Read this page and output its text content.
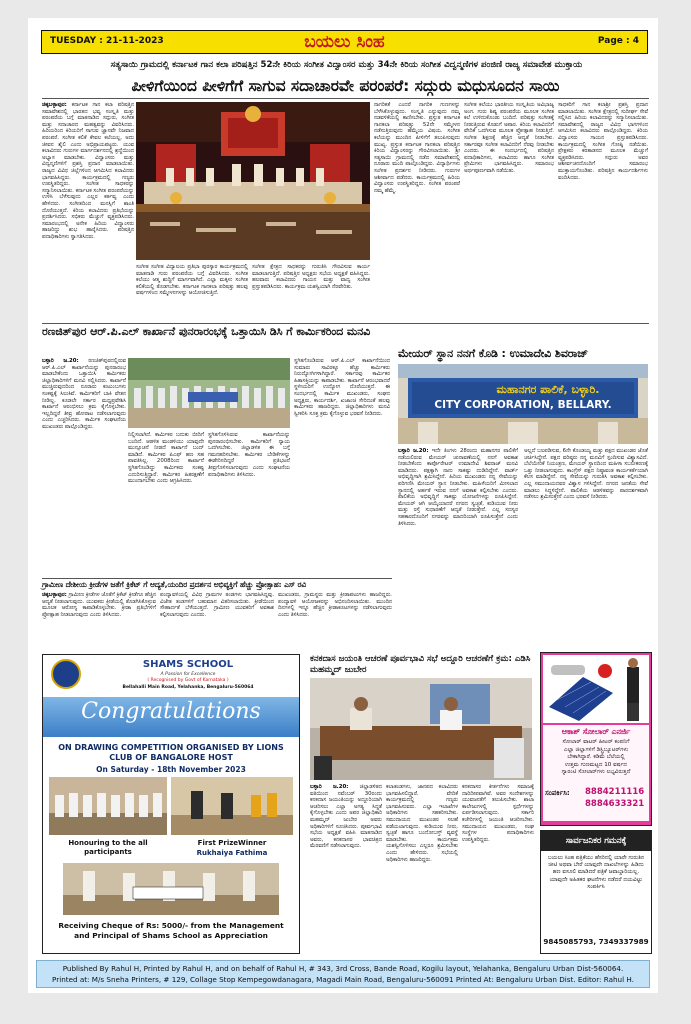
TUESDAY : 21-11-2023	ಬಯಲು ಸಿಂಹ	Page : 4
ಸತ್ಯಸಾಯಿ ಗ್ರಾಮದಲ್ಲಿ ಕರ್ನಾಟಕ ಗಾನ ಕಲಾ ಪರಿಷತ್ತಿನ 52ನೇ ಕಿರಿಯ ಸಂಗೀತ ವಿದ್ವಾಂಸರ ಮತ್ತು 34ನೇ ಕಿರಿಯ ಸಂಗೀತ ವಿದ್ವನ್ಮಣಿಗಳ ಪಂಜಿಣಿ ರಾಜ್ಯ ಸಮಾವೇಶ ಮುಕ್ತಾಯ
ಪೀಳಿಗೆಯಿಂದ ಪೀಳಿಗೆಗೆ ಸಾಗುವ ಸದಾಚಾರವೇ ಪರಂಪರೆ: ಸದ್ಗುರು ಮಧುಸೂದನ ಸಾಯಿ
ಚಿಕ್ಕಬಳ್ಳಾಪುರ: ಕರ್ನಾಟಕ ಗಾನ ಕಲಾ ಪರಿಷತ್ತಿನ ಸಮಾವೇಶದಲ್ಲಿ ಭಾರತದ ಭವ್ಯ ಸಂಸ್ಕೃತಿ ಮತ್ತು ಪರಂಪರೆಯ ಬಗ್ಗೆ ಮಾತನಾಡಿದ ಸದ್ಗುರು, ಸಂಗೀತ ಮತ್ತು ಸದಾಚಾರದ ಮಹತ್ವವನ್ನು ವಿವರಿಸಿದರು. ಹಿರಿಯರಿಂದ ಕಿರಿಯರಿಗೆ ಸಾಗುವ ಜ್ಞಾನವೇ ನಿಜವಾದ ಪರಂಪರೆ. ಸಂಗೀತ ಕಲಿಕೆ ಕೇವಲ ಕಲೆಯಲ್ಲ, ಅದು ಜೀವನ ಶೈಲಿ ಎಂದು ಅಭಿಪ್ರಾಯಪಟ್ಟರು. ಯುವ ಕಲಾವಿದರು ಗುರುಗಳ ಮಾರ್ಗದರ್ಶನದಲ್ಲಿ ಶ್ರದ್ಧೆಯಿಂದ ಅಭ್ಯಾಸ ಮಾಡಬೇಕು. ವಿದ್ವಾಂಸರು ಮತ್ತು ವಿದ್ವನ್ಮಣಿಗಳಿಗೆ ಪ್ರಶಸ್ತಿ ಪ್ರದಾನ ಮಾಡಲಾಯಿತು. ರಾಜ್ಯದ ವಿವಿಧ ಜಿಲ್ಲೆಗಳಿಂದ ಆಗಮಿಸಿದ ಕಲಾವಿದರು ಭಾಗವಹಿಸಿದ್ದರು. ಕಾರ್ಯಕ್ರಮದಲ್ಲಿ ಗಣ್ಯರು ಉಪಸ್ಥಿತರಿದ್ದರು. ಸಂಗೀತ ಸಾಧಕರನ್ನು ಸನ್ಮಾನಿಸಲಾಯಿತು. ಕರ್ನಾಟಕ ಸಂಗೀತ ಪರಂಪರೆಯನ್ನು ಉಳಿಸಿ ಬೆಳೆಸುವುದು ಎಲ್ಲರ ಕರ್ತವ್ಯ ಎಂದು ಹೇಳಿದರು. ಸಂಗೀತದಿಂದ ಮನಸ್ಸಿಗೆ ಶಾಂತಿ ದೊರೆಯುತ್ತದೆ. ಕಿರಿಯ ಕಲಾವಿದರು ಪ್ರತಿಭೆಯನ್ನು ಪ್ರದರ್ಶಿಸಿದರು. ಸಭಿಕರು ಮೆಚ್ಚುಗೆ ವ್ಯಕ್ತಪಡಿಸಿದರು. ಸಮಾರಂಭದಲ್ಲಿ ಅನೇಕ ಹಿರಿಯ ವಿದ್ವಾಂಸರು ಹಾಜರಿದ್ದು ಶುಭ ಹಾರೈಸಿದರು. ಪರಿಷತ್ತಿನ ಪದಾಧಿಕಾರಿಗಳು ಸ್ವಾಗತಿಸಿದರು.
ಸಂಗೀತ ಸಂಗೀತ ವಿದ್ಯಾಲಯ ಪ್ರತಿಭಾ ಪುರಸ್ಕಾರ ಕಾರ್ಯಕ್ರಮದಲ್ಲಿ ಮಾತನಾಡಿ ಗುರು ಪರಂಪರೆಯ ಬಗ್ಗೆ ವಿವರಿಸಿದರು. ಸಂಗೀತ ಕಲೆಯು ಆತ್ಮ ಶುದ್ಧಿಗೆ ಮಾರ್ಗವಾಗಿದೆ. ಎಲ್ಲಾ ಮಕ್ಕಳು ಸಂಗೀತ ಕಲಿಕೆಯಲ್ಲಿ ತೊಡಗಬೇಕು. ಕರ್ನಾಟಕ ಗಾನಕಲಾ ಪರಿಷತ್ತು ಹಲವು ವರ್ಷಗಳಿಂದ ಸಮ್ಮೇಳನಗಳನ್ನು ಆಯೋಜಿಸುತ್ತಿದೆ.
ಸಂಗೀತ ಕ್ಷೇತ್ರದ ಸಾಧಕರನ್ನು ಗುರುತಿಸಿ ಗೌರವಿಸುವ ಕಾರ್ಯ ಮಾಡಲಾಗುತ್ತಿದೆ. ಪರಿಷತ್ತಿನ ಅಧ್ಯಕ್ಷರು ಸಭೆಯ ಅಧ್ಯಕ್ಷತೆ ವಹಿಸಿದ್ದರು. ಹಲವಾರು ಕಲಾವಿದರು ಗಾಯನ ಮತ್ತು ವಾದ್ಯ ಸಂಗೀತ ಪ್ರಸ್ತುತಪಡಿಸಿದರು. ಕಾರ್ಯಕ್ರಮ ಯಶಸ್ವಿಯಾಗಿ ನೆರವೇರಿತು.
ನಾಗರಿಕತೆ ಎಂದರೆ ನಾಗರಿಕ ಗುಣಗಳನ್ನು ಬೆಳೆಸಿಕೊಳ್ಳುವುದು. ಸಂಸ್ಕೃತಿ ಎನ್ನುವುದು ನಮ್ಮ ನಡವಳಿಕೆಯಲ್ಲಿ ಕಾಣಿಸಬೇಕು. ಪ್ರಸ್ತುತ ಕರ್ನಾಟಕ ಗಾನಕಲಾ ಪರಿಷತ್ತು 52ನೇ ಸಮ್ಮೇಳನ ನಡೆಸುತ್ತಿರುವುದು ಹೆಮ್ಮೆಯ ವಿಷಯ. ಸಂಗೀತ ಕಲೆಯನ್ನು ಮುಂದಿನ ಪೀಳಿಗೆಗೆ ತಲುಪಿಸುವುದು ಮುಖ್ಯ. ಪ್ರಸ್ತುತ ಕರ್ನಾಟಕ ಗಾನಕಲಾ ಪರಿಷತ್ತಿನ ಕಿರಿಯ ವಿದ್ವಾಂಸರನ್ನು ಗೌರವಿಸಲಾಯಿತು. ಶ್ರೀ ಸತ್ಯಸಾಯಿ ಗ್ರಾಮದಲ್ಲಿ ನಡೆದ ಸಮಾವೇಶದಲ್ಲಿ ನೂರಾರು ಮಂದಿ ಪಾಲ್ಗೊಂಡಿದ್ದರು. ವಿದ್ಯಾರ್ಥಿಗಳು ಸಂಗೀತ ಪ್ರದರ್ಶನ ನೀಡಿದರು. ಗುರುಗಳ ಆಶೀರ್ವಾದ ಪಡೆದರು. ಕಾರ್ಯಕ್ರಮದಲ್ಲಿ ಹಿರಿಯ ವಿದ್ವಾಂಸರು ಉಪಸ್ಥಿತರಿದ್ದರು. ಸಂಗೀತ ಪರಂಪರೆ ನಮ್ಮ ಹೆಮ್ಮೆ.
ಸಂಗೀತ ಕಲೆಯು ಭಾರತೀಯ ಸಂಸ್ಕೃತಿಯ ಅವಿಭಾಜ್ಯ ಅಂಗ. ಗುರು ಶಿಷ್ಯ ಪರಂಪರೆಯ ಮೂಲಕ ಸಂಗೀತ ಕಲೆ ಉಳಿದುಕೊಂಡು ಬಂದಿದೆ. ಪರಿಷತ್ತು ಸಂಗೀತಕ್ಕೆ ನೀಡುತ್ತಿರುವ ಕೊಡುಗೆ ಅಪಾರ. ಕಿರಿಯ ಕಲಾವಿದರಿಗೆ ವೇದಿಕೆ ಒದಗಿಸುವ ಮೂಲಕ ಪ್ರೋತ್ಸಾಹ ನೀಡುತ್ತಿದೆ. ಸಂಗೀತ ಶಿಕ್ಷಣಕ್ಕೆ ಹೆಚ್ಚಿನ ಆದ್ಯತೆ ನೀಡಬೇಕು. ಸರ್ಕಾರವೂ ಸಂಗೀತ ಕಲಾವಿದರಿಗೆ ನೆರವು ನೀಡಬೇಕು ಎಂದರು. ಈ ಸಂದರ್ಭದಲ್ಲಿ ಪರಿಷತ್ತಿನ ಪದಾಧಿಕಾರಿಗಳು, ಕಲಾವಿದರು ಹಾಗೂ ಸಂಗೀತ ಪ್ರೇಮಿಗಳು ಭಾಗವಹಿಸಿದ್ದರು. ಸಮಾರಂಭ ಅರ್ಥಪೂರ್ಣವಾಗಿ ನಡೆಯಿತು.
ಸಾಧಕರಿಗೆ ಗಾನ ಕಲಾಶ್ರೀ ಪ್ರಶಸ್ತಿ ಪ್ರದಾನ ಮಾಡಲಾಯಿತು. ಸಂಗೀತ ಕ್ಷೇತ್ರದಲ್ಲಿ ಸುದೀರ್ಘ ಸೇವೆ ಸಲ್ಲಿಸಿದ ಹಿರಿಯ ಕಲಾವಿದರನ್ನು ಸನ್ಮಾನಿಸಲಾಯಿತು. ಸಮಾವೇಶದಲ್ಲಿ ರಾಜ್ಯದ ವಿವಿಧ ಭಾಗಗಳಿಂದ ಆಗಮಿಸಿದ ಕಲಾವಿದರು ಪಾಲ್ಗೊಂಡಿದ್ದರು. ಕಿರಿಯ ವಿದ್ವಾಂಸರು ಗಾಯನ ಪ್ರಸ್ತುತಪಡಿಸಿದರು. ಕಾರ್ಯಕ್ರಮದಲ್ಲಿ ಸಂಗೀತ ಗೋಷ್ಠಿ ನಡೆಯಿತು. ಪ್ರೇಕ್ಷಕರು ಕರತಾಡನದ ಮೂಲಕ ಮೆಚ್ಚುಗೆ ವ್ಯಕ್ತಪಡಿಸಿದರು. ಸದ್ಗುರು ಅವರ ಆಶೀರ್ವಚನದೊಂದಿಗೆ ಸಮಾರಂಭ ಮುಕ್ತಾಯಗೊಂಡಿತು. ಪರಿಷತ್ತಿನ ಕಾರ್ಯದರ್ಶಿಗಳು ವಂದಿಸಿದರು.
ರಣಜಿತ್‌ಪುರ ಆರ್.ಪಿ.ಎಲ್ ಕಾರ್ಖಾನೆ ಪುನರಾರಂಭಕ್ಕೆ ಒತ್ತಾಯಿಸಿ ಡಿಸಿ ಗೆ ಕಾರ್ಮಿಕರಿಂದ ಮನವಿ
ಬಳ್ಳಾರಿ ಜ.20: ರಣಜಿತ್‌ಪುರದಲ್ಲಿರುವ ಆರ್.ಪಿ.ಎಲ್ ಕಾರ್ಖಾನೆಯನ್ನು ಪುನರಾರಂಭ ಮಾಡಬೇಕೆಂದು ಒತ್ತಾಯಿಸಿ ಕಾರ್ಮಿಕರು ಜಿಲ್ಲಾಧಿಕಾರಿಗಳಿಗೆ ಮನವಿ ಸಲ್ಲಿಸಿದರು. ಕಾರ್ಖಾನೆ ಮುಚ್ಚಿರುವುದರಿಂದ ನೂರಾರು ಕುಟುಂಬಗಳು ಸಂಕಷ್ಟಕ್ಕೆ ಸಿಲುಕಿವೆ. ಕಾರ್ಮಿಕರಿಗೆ ಬಾಕಿ ವೇತನ ನೀಡಿಲ್ಲ. ಕೂಡಲೇ ಸರ್ಕಾರ ಮಧ್ಯಪ್ರವೇಶಿಸಿ ಕಾರ್ಖಾನೆ ಆರಂಭಿಸಲು ಕ್ರಮ ಕೈಗೊಳ್ಳಬೇಕು. ಇಲ್ಲದಿದ್ದರೆ ತೀವ್ರ ಹೋರಾಟ ನಡೆಸಲಾಗುವುದು ಎಂದು ಎಚ್ಚರಿಸಿದರು. ಕಾರ್ಮಿಕ ಸಂಘಟನೆಯ ಮುಖಂಡರು ಪಾಲ್ಗೊಂಡಿದ್ದರು.
ನಿಲ್ಲಿಸಲಾಗಿದೆ. ಕಾರ್ಮಿಕರ ಬದುಕು ಬೀದಿಗೆ ಬಂದಿದೆ. ಆಡಳಿತ ಮಂಡಳಿಯು ಯಾವುದೇ ಮುನ್ಸೂಚನೆ ನೀಡದೆ ಕಾರ್ಖಾನೆ ಬಂದ್ ಮಾಡಿದೆ. ಕಾರ್ಮಿಕರ ಪಿಎಫ್ ಹಣ ಸಹ ಪಾವತಿಸಿಲ್ಲ. 2008ರಿಂದ ಕಾರ್ಖಾನೆ ಸ್ಥಗಿತಗೊಂಡಿದ್ದು ಕಾರ್ಮಿಕರು ಸಂಕಷ್ಟ ಎದುರಿಸುತ್ತಿದ್ದಾರೆ. ಕಾರ್ಮಿಕರ ಹಿತರಕ್ಷಣೆಗೆ ಮುಂದಾಗಬೇಕು ಎಂದು ಆಗ್ರಹಿಸಿದರು.
ಸ್ಥಗಿತಗೊಳಿಸಿರುವ ಕಾರ್ಖಾನೆಯನ್ನು ಪುನರಾರಂಭಿಸಬೇಕು. ಕಾರ್ಮಿಕರಿಗೆ ನ್ಯಾಯ ಒದಗಿಸಬೇಕು. ಜಿಲ್ಲಾಡಳಿತ ಈ ಬಗ್ಗೆ ಗಮನಹರಿಸಬೇಕು. ಕಾರ್ಮಿಕರ ಬೇಡಿಕೆಗಳನ್ನು ಈಡೇರಿಸದಿದ್ದರೆ ಪ್ರತಿಭಟನೆ ತೀವ್ರಗೊಳಿಸಲಾಗುವುದು ಎಂದು ಸಂಘಟನೆಯ ಪದಾಧಿಕಾರಿಗಳು ತಿಳಿಸಿದರು.
ಸ್ಥಗಿತಗೊಂಡಿರುವ ಆರ್.ಪಿ.ಎಲ್ ಕಾರ್ಖಾನೆಯಿಂದ ಸುಮಾರು ಸಾವಿರಕ್ಕೂ ಹೆಚ್ಚು ಕಾರ್ಮಿಕರು ನಿರುದ್ಯೋಗಿಗಳಾಗಿದ್ದಾರೆ. ಸರ್ಕಾರವು ಕಾರ್ಮಿಕರ ಹಿತಾಸಕ್ತಿಯನ್ನು ಕಾಪಾಡಬೇಕು. ಕಾರ್ಖಾನೆ ಆರಂಭವಾದರೆ ಸ್ಥಳೀಯರಿಗೆ ಉದ್ಯೋಗ ದೊರೆಯುತ್ತದೆ. ಈ ಸಂದರ್ಭದಲ್ಲಿ ಕಾರ್ಮಿಕ ಮುಖಂಡರು, ಸಂಘದ ಅಧ್ಯಕ್ಷರು, ಕಾರ್ಯದರ್ಶಿ, ಖಜಾಂಚಿ ಸೇರಿದಂತೆ ಹಲವು ಕಾರ್ಮಿಕರು ಹಾಜರಿದ್ದರು. ಜಿಲ್ಲಾಧಿಕಾರಿಗಳು ಮನವಿ ಸ್ವೀಕರಿಸಿ ಸೂಕ್ತ ಕ್ರಮ ಕೈಗೊಳ್ಳುವ ಭರವಸೆ ನೀಡಿದರು.
ಮೇಯರ್ ಸ್ಥಾನ ನನಗೆ ಕೊಡಿ : ಉಮಾದೇವಿ ಶಿವರಾಜ್
ಮಹಾನಗರ ಪಾಲಿಕೆ, ಬಳ್ಳಾರಿ.
CITY CORPORATION, BELLARY.
ಬಳ್ಳಾರಿ ಜ.20: ಇದೇ ತಿಂಗಳು 28ರಂದು ಮಹಾನಗರ ಪಾಲಿಕೆಗೆ ನಡೆಯಲಿರುವ ಮೇಯರ್ ಚುನಾವಣೆಯಲ್ಲಿ ನನಗೆ ಅವಕಾಶ ನೀಡಬೇಕೆಂದು ಕಾರ್ಪೊರೇಟರ್ ಉಮಾದೇವಿ ಶಿವರಾಜ್ ಮನವಿ ಮಾಡಿದರು. ಪಕ್ಷಕ್ಕಾಗಿ ನಾನು ಸಾಕಷ್ಟು ದುಡಿದಿದ್ದೇನೆ. ವಾರ್ಡ್ ಅಭಿವೃದ್ಧಿಗಾಗಿ ಶ್ರಮಿಸಿದ್ದೇನೆ. ಹಿರಿಯ ಮುಖಂಡರು ನನ್ನ ಸೇವೆಯನ್ನು ಪರಿಗಣಿಸಿ ಮೇಯರ್ ಸ್ಥಾನ ನೀಡಬೇಕು. ಮಹಿಳೆಯರಿಗೆ ಮೀಸಲಾದ ಸ್ಥಾನದಲ್ಲಿ ಅರ್ಹತೆ ಇರುವ ನನಗೆ ಅವಕಾಶ ಕಲ್ಪಿಸಬೇಕು ಎಂದರು. ಪಾಲಿಕೆಯ ಅಭಿವೃದ್ಧಿಗೆ ಸಾಕಷ್ಟು ಯೋಜನೆಗಳನ್ನು ರೂಪಿಸಿದ್ದೇನೆ. ಮೇಯರ್ ಆಗಿ ಆಯ್ಕೆಯಾದರೆ ನಗರದ ಸ್ವಚ್ಛತೆ, ಕುಡಿಯುವ ನೀರು ಮತ್ತು ರಸ್ತೆ ಸುಧಾರಣೆಗೆ ಆದ್ಯತೆ ನೀಡುತ್ತೇನೆ. ಎಲ್ಲ ಸದಸ್ಯರ ಸಹಕಾರದೊಂದಿಗೆ ನಗರವನ್ನು ಮಾದರಿಯಾಗಿ ರೂಪಿಸುತ್ತೇನೆ ಎಂದು ತಿಳಿಸಿದರು.
ಅಲ್ಲದೆ ಬಲಪಡಿಸುವ, 6ನೇ ಕೊಂಡಯ್ಯ ಮತ್ತು ಪಕ್ಷದ ಮುಖಂಡರ ಜೊತೆ ಚರ್ಚಿಸಿದ್ದೇನೆ. ಪಕ್ಷದ ವರಿಷ್ಠರು ನನ್ನ ಮನವಿಗೆ ಸ್ಪಂದಿಸುವ ವಿಶ್ವಾಸವಿದೆ. ಬೆಲೆಯೇರಿಕೆ ನಿಯಂತ್ರಣ, ಮೇಯರ್ ಸ್ಥಾನದಿಂದ ಮಹಿಳಾ ಸಬಲೀಕರಣಕ್ಕೆ ಒತ್ತು ನೀಡಲಾಗುವುದು. ಕಾಂಗ್ರೆಸ್ ಪಕ್ಷದ ನಿಷ್ಠಾವಂತ ಕಾರ್ಯಕರ್ತೆಯಾಗಿ ಕೆಲಸ ಮಾಡಿದ್ದೇನೆ. ನನ್ನ ಸೇವೆಯನ್ನು ಗುರುತಿಸಿ ಅವಕಾಶ ಕಲ್ಪಿಸಬೇಕು. ಎಲ್ಲ ಸಮುದಾಯದವರ ವಿಶ್ವಾಸ ಗಳಿಸಿದ್ದೇನೆ. ನಗರದ ಜನತೆಯ ಸೇವೆ ಮಾಡಲು ಸಿದ್ಧಳಿದ್ದೇನೆ. ಪಾಲಿಕೆಯ ಆಡಳಿತವನ್ನು ಪಾರದರ್ಶಕವಾಗಿ ನಡೆಸಲು ಶ್ರಮಿಸುತ್ತೇನೆ ಎಂದು ಭರವಸೆ ನೀಡಿದರು.
ಗ್ರಾಮೀಣ ದೇಶೀಯ ಕ್ರೀಡೆಗಳ ಜತೆಗೆ ಕ್ರಿಕೆಟ್ ಗೆ ಆದ್ಯತೆ,ಯಂದಿರ ಪ್ರದರ್ಶನ ಅಭಿವ್ಯಕ್ತಿಗೆ ಹೆಚ್ಚು ಪ್ರೋತ್ಸಾಹ: ಎಸ್ ರವಿ
ಚಿಕ್ಕಬಳ್ಳಾಪುರ: ಗ್ರಾಮೀಣ ಕ್ರೀಡೆಗಳ ಜೊತೆಗೆ ಕ್ರಿಕೆಟ್ ಕ್ರೀಡೆಗೂ ಹೆಚ್ಚಿನ ಆದ್ಯತೆ ನೀಡಲಾಗುವುದು. ಯುವಕರು ಕ್ರೀಡೆಯಲ್ಲಿ ತೊಡಗಿಸಿಕೊಳ್ಳುವ ಮೂಲಕ ಆರೋಗ್ಯ ಕಾಪಾಡಿಕೊಳ್ಳಬೇಕು. ಕ್ರೀಡಾ ಪ್ರತಿಭೆಗಳಿಗೆ ಪ್ರೋತ್ಸಾಹ ನೀಡಲಾಗುವುದು ಎಂದು ತಿಳಿಸಿದರು.
ಪಂದ್ಯಾವಳಿಯಲ್ಲಿ ವಿವಿಧ ಗ್ರಾಮಗಳ ತಂಡಗಳು ಭಾಗವಹಿಸಿದ್ದವು. ವಿಜೇತ ತಂಡಗಳಿಗೆ ಬಹುಮಾನ ವಿತರಿಸಲಾಯಿತು. ಕ್ರೀಡೆಯಿಂದ ಸೌಹಾರ್ದತೆ ಬೆಳೆಯುತ್ತದೆ. ಗ್ರಾಮೀಣ ಯುವಕರಿಗೆ ಅವಕಾಶ ಕಲ್ಪಿಸಲಾಗುವುದು ಎಂದರು.
ಮುಖಂಡರು, ಗ್ರಾಮಸ್ಥರು ಮತ್ತು ಕ್ರೀಡಾಪಟುಗಳು ಹಾಜರಿದ್ದರು. ಪಂದ್ಯಾವಳಿ ಆಯೋಜಕರನ್ನು ಅಭಿನಂದಿಸಲಾಯಿತು. ಮುಂದಿನ ದಿನಗಳಲ್ಲಿ ಇನ್ನೂ ಹೆಚ್ಚಿನ ಕ್ರೀಡಾಕೂಟಗಳನ್ನು ನಡೆಸಲಾಗುವುದು ಎಂದು ತಿಳಿಸಿದರು.
SHAMS SCHOOL
A Passion for Excellence
( Recognised by Govt of Karnataka )
Bellahalli Main Road, Yelahanka, Bengaluru-560064
Congratulations
ON DRAWING COMPETITION ORGANISED BY LIONS CLUB OF BANGALORE HOST
On Saturday - 18th November 2023
Honouring to the all participants
First PrizeWinner
Rukhaiya Fathima
Receiving Cheque of Rs: 5000/- from the Management and Principal of Shams School as Appreciation
ಕನಕದಾಸ ಜಯಂತಿ ಆಚರಣೆ ಪೂರ್ವಭಾವಿ ಸಭೆ ಅದ್ದೂರಿ ಆಚರಣೆಗೆ ಕ್ರಮ: ಎಡಿಸಿ ಮಹಮ್ಮದ್ ಜುಬೇರ
ಬಳ್ಳಾರಿ ಜ.20: ಜಿಲ್ಲಾಡಳಿತದ ವತಿಯಿಂದ ನವೆಂಬರ್ 30ರಂದು ಕನಕದಾಸ ಜಯಂತಿಯನ್ನು ಅದ್ದೂರಿಯಾಗಿ ಆಚರಿಸಲು ಎಲ್ಲಾ ಅಗತ್ಯ ಸಿದ್ಧತೆ ಕೈಗೊಳ್ಳಬೇಕು ಎಂದು ಅಪರ ಜಿಲ್ಲಾಧಿಕಾರಿ ಮಹಮ್ಮದ್ ಜುಬೇರ ಅವರು ಅಧಿಕಾರಿಗಳಿಗೆ ಸೂಚಿಸಿದರು. ಪೂರ್ವಭಾವಿ ಸಭೆಯ ಅಧ್ಯಕ್ಷತೆ ವಹಿಸಿ ಮಾತನಾಡಿದ ಅವರು, ಕನಕದಾಸರ ಭಾವಚಿತ್ರದ ಮೆರವಣಿಗೆ ನಡೆಸಲಾಗುವುದು.
ಕಲಾತಂಡಗಳು, ಜಾನಪದ ಕಲಾವಿದರು ಭಾಗವಹಿಸಲಿದ್ದಾರೆ. ವೇದಿಕೆ ಕಾರ್ಯಕ್ರಮದಲ್ಲಿ ಗಣ್ಯರು ಭಾಗವಹಿಸುವರು. ಎಲ್ಲಾ ಇಲಾಖೆಗಳ ಅಧಿಕಾರಿಗಳು ಸಹಕರಿಸಬೇಕು. ಸಮುದಾಯದ ಮುಖಂಡರ ಸಲಹೆ ಪಡೆಯಲಾಗುವುದು. ಕುಡಿಯುವ ನೀರು, ಸ್ವಚ್ಛತೆ ಹಾಗೂ ಬಂದೋಬಸ್ತ್ ವ್ಯವಸ್ಥೆ ಮಾಡಬೇಕು. ಕಾರ್ಯಕ್ರಮ ಯಶಸ್ವಿಗೊಳಿಸಲು ಎಲ್ಲರೂ ಶ್ರಮಿಸಬೇಕು ಎಂದು ಹೇಳಿದರು. ಸಭೆಯಲ್ಲಿ ಅಧಿಕಾರಿಗಳು ಹಾಜರಿದ್ದರು.
ಕನಕದಾಸರ ಕೀರ್ತನೆಗಳು ಸಮಾಜಕ್ಕೆ ದಾರಿದೀಪವಾಗಿವೆ. ಅವರ ಸಂದೇಶಗಳನ್ನು ಯುವಜನತೆಗೆ ತಲುಪಿಸಬೇಕು. ಶಾಲಾ ಕಾಲೇಜುಗಳಲ್ಲಿ ಸ್ಪರ್ಧೆಗಳನ್ನು ಏರ್ಪಡಿಸಲಾಗುವುದು. ಸರ್ಕಾರಿ ಕಚೇರಿಗಳಲ್ಲಿ ಜಯಂತಿ ಆಚರಿಸಬೇಕು. ಸಮುದಾಯದ ಮುಖಂಡರು, ಸಂಘ ಸಂಸ್ಥೆಗಳ ಪದಾಧಿಕಾರಿಗಳು ಉಪಸ್ಥಿತರಿದ್ದರು.
ಆಕಾಶ್ ಸೋಲಾರ್ ಎನರ್ಜಿ
ಸೋಲಾರ್ ವಾಟರ್ ಹೀಟರ್ ಕಂಪನಿಗೆ
ಎಲ್ಲಾ ಜಿಲ್ಲಾಗಳಿಗೆ ಡಿಸ್ಟ್ರಿಬ್ಯೂಟರ್‌ಗಳು
ಬೇಕಾಗಿದ್ದಾರೆ. ಕಡಿಮೆ ಬೆಲೆಯಲ್ಲಿ
ಉತ್ತಮ ಗುಣಮಟ್ಟದ 10 ವರ್ಷದ
ಗ್ಯಾರಂಟಿ ಸೋಲಾರ್‌ಗಳು ಲಭ್ಯವಿರುತ್ತದೆ
ಸಂಪರ್ಕಿಸಿ:	8884211116
8884633321
ಸಾರ್ವಜನಿಕರ ಗಮನಕ್ಕೆ
ಬಯಲು ಸಿಂಹ ಪತ್ರಿಕೆಯು ಹೆಸರಿನಲ್ಲಿ ಯಾರೇ ಗುರುತಿನ ಚೀಟಿ ಅಥವಾ ಬೇರೆ ಯಾವುದೇ ದಾಖಲೆಗಳನ್ನು ಹಿಡಿದು ಹಣ ವಸೂಲಿ ಮಾಡಿದರೆ ಪತ್ರಿಕೆ ಜವಾಬ್ದಾರಿಯಲ್ಲ. ಯಾವುದೇ ಅಹಿತಕರ ಘಟನೆಗಳು ನಡೆದರೆ ದಯವಿಟ್ಟು ಸಂಪರ್ಕಿಸಿ
9845085793, 7349337989
Published By Rahul H, Printed by Rahul H, and on behalf of Rahul H, # 343, 3rd Cross, Bande Road, Kogilu layout, Yelahanka, Bengaluru Urban Dist-560064.
Printed at: M/s Sneha Printers, # 129, Collage Stop Kempegowdanagara, Magadi Main Road, Bengaluru-560091 Printed At: Bengaluru Urban Dist. Editor: Rahul H.
